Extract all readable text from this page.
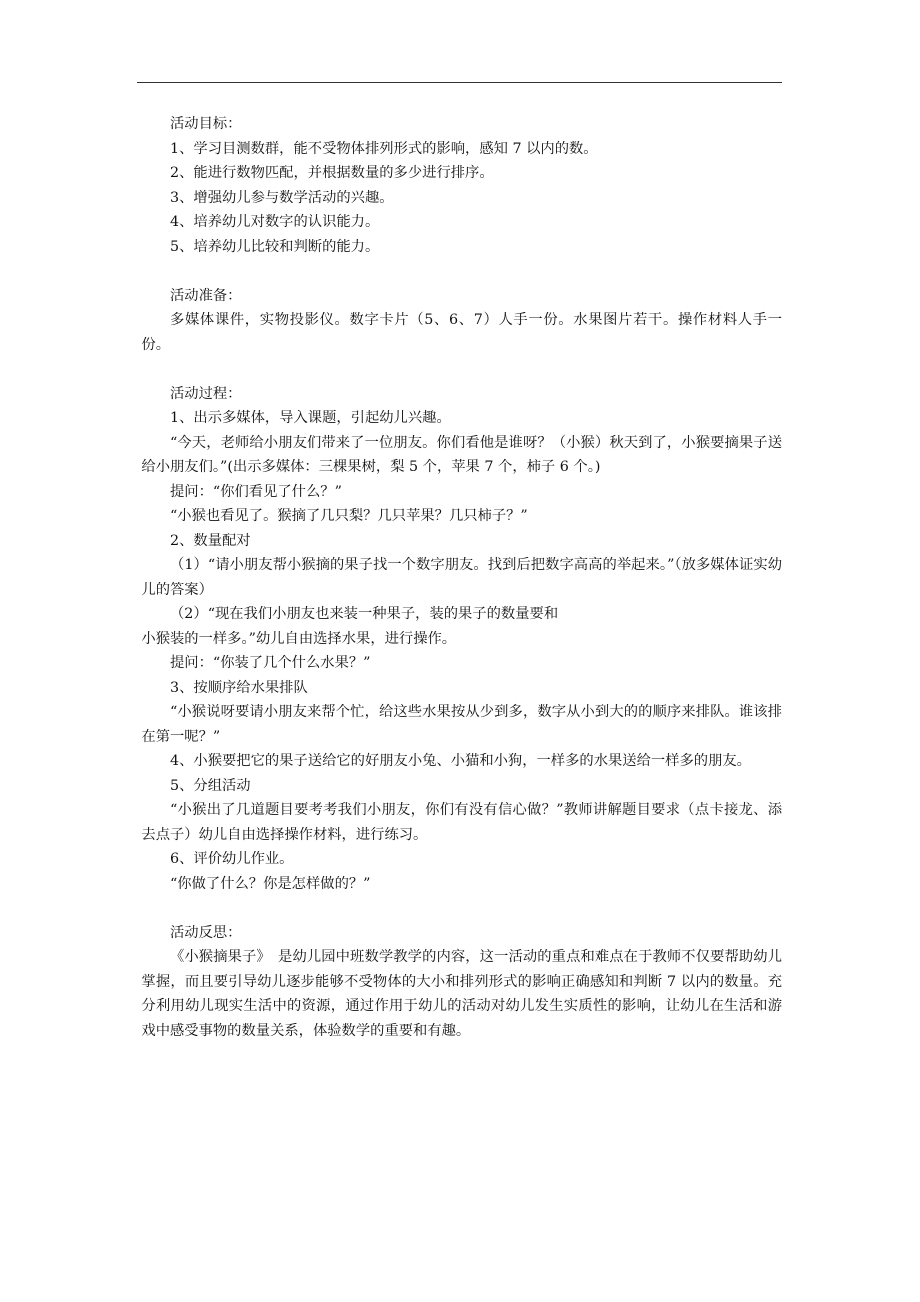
活动目标：

1、学习目测数群，能不受物体排列形式的影响，感知 7 以内的数。

2、能进行数物匹配，并根据数量的多少进行排序。

3、增强幼儿参与数学活动的兴趣。

4、培养幼儿对数字的认识能力。

5、培养幼儿比较和判断的能力。

活动准备：

多媒体课件，实物投影仪。数字卡片（5、6、7）人手一份。水果图片若干。操作材料人手一份。

活动过程：

1、出示多媒体，导入课题，引起幼儿兴趣。

“今天，老师给小朋友们带来了一位朋友。你们看他是谁呀？（小猴）秋天到了，小猴要摘果子送给小朋友们。”(出示多媒体：三棵果树，梨 5 个，苹果 7 个，柿子 6 个。)

提问：“你们看见了什么？”

“小猴也看见了。猴摘了几只梨？几只苹果？几只柿子？”

2、数量配对

（1）“请小朋友帮小猴摘的果子找一个数字朋友。找到后把数字高高的举起来。”（放多媒体证实幼儿的答案）

（2）“现在我们小朋友也来装一种果子，装的果子的数量要和

小猴装的一样多。”幼儿自由选择水果，进行操作。

提问：“你装了几个什么水果？”

3、按顺序给水果排队

“小猴说呀要请小朋友来帮个忙，给这些水果按从少到多，数字从小到大的的顺序来排队。谁该排在第一呢？”

4、小猴要把它的果子送给它的好朋友小兔、小猫和小狗，一样多的水果送给一样多的朋友。

5、分组活动

“小猴出了几道题目要考考我们小朋友，你们有没有信心做？”教师讲解题目要求（点卡接龙、添去点子）幼儿自由选择操作材料，进行练习。

6、评价幼儿作业。

“你做了什么？你是怎样做的？”

活动反思：

《小猴摘果子》　是幼儿园中班数学教学的内容，这一活动的重点和难点在于教师不仅要帮助幼儿掌握，而且要引导幼儿逐步能够不受物体的大小和排列形式的影响正确感知和判断 7 以内的数量。充分利用幼儿现实生活中的资源，通过作用于幼儿的活动对幼儿发生实质性的影响，让幼儿在生活和游戏中感受事物的数量关系，体验数学的重要和有趣。
